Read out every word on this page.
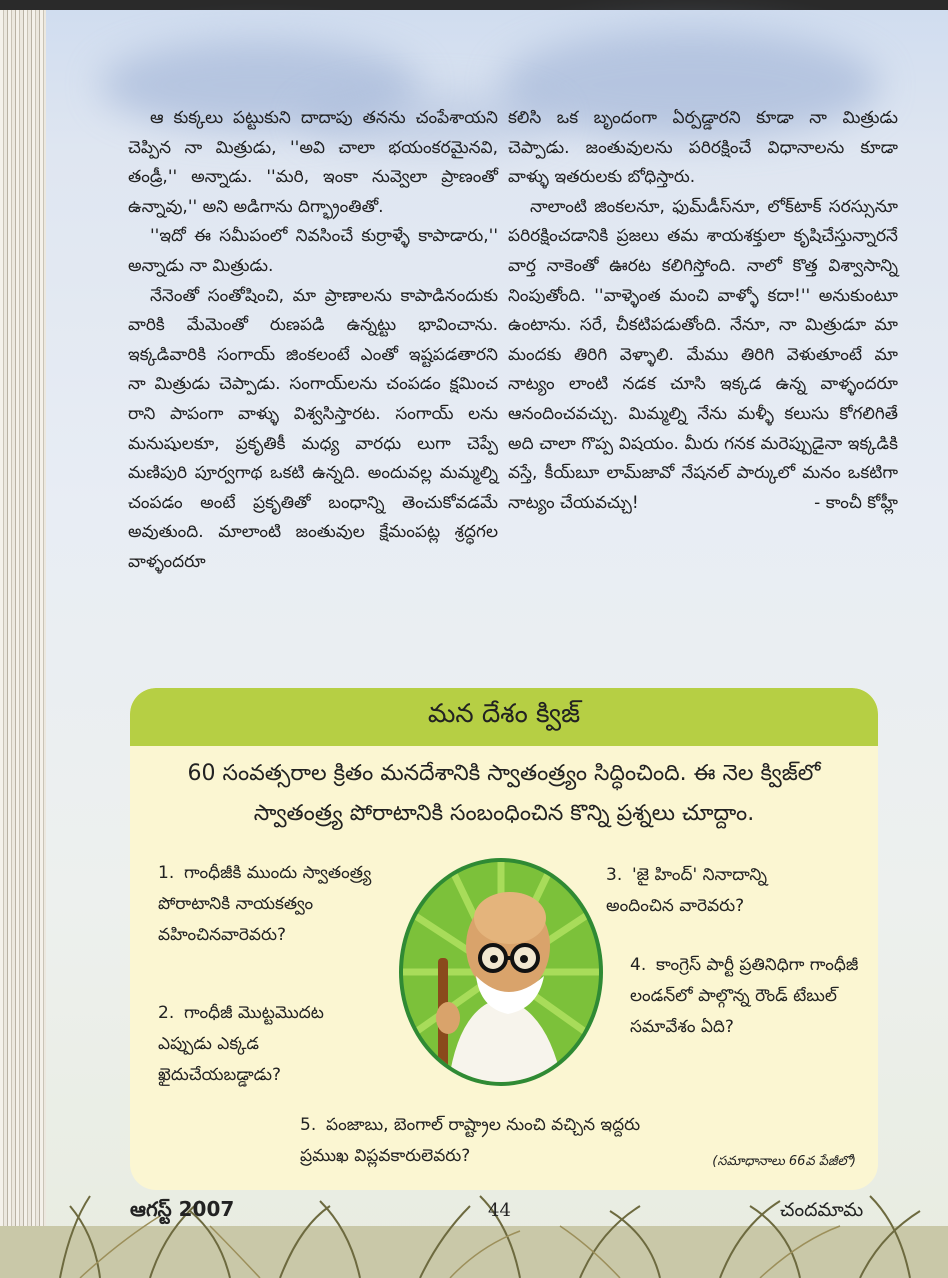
ఆ కుక్కలు పట్టుకుని దాదాపు తనను చంపేశాయని చెప్పిన నా మిత్రుడు, ''అవి చాలా భయంకరమైనవి, తండ్రీ,'' అన్నాడు. ''మరి, ఇంకా నువ్వెలా ప్రాణంతో ఉన్నావు,'' అని అడిగాను దిగ్భ్రాంతితో.

''ఇదో ఈ సమీపంలో నివసించే కుర్రాళ్ళే కాపాడారు,'' అన్నాడు నా మిత్రుడు.

నేనెంతో సంతోషించి, మా ప్రాణాలను కాపాడినందుకు వారికి మేమెంతో రుణపడి ఉన్నట్టు భావించాను. ఇక్కడివారికి సంగాయ్ జింకలంటే ఎంతో ఇష్టపడతారని నా మిత్రుడు చెప్పాడు. సంగాయ్‌లను చంపడం క్షమించ రాని పాపంగా వాళ్ళు విశ్వసిస్తారట. సంగాయ్ లను మనుషులకూ, ప్రకృతికీ మధ్య వారధు లుగా చెప్పే మణిపురి పూర్వగాథ ఒకటి ఉన్నది. అందువల్ల మమ్మల్ని చంపడం అంటే ప్రకృతితో బంధాన్ని తెంచుకోవడమే అవుతుంది. మాలాంటి జంతువుల క్షేమంపట్ల శ్రద్ధగల వాళ్ళందరూ

కలిసి ఒక బృందంగా ఏర్పడ్డారని కూడా నా మిత్రుడు చెప్పాడు. జంతువులను పరిరక్షించే విధానాలను కూడా వాళ్ళు ఇతరులకు బోధిస్తారు.

నాలాంటి జింకలనూ, ఫుమ్‌డీస్‌నూ, లోక్‌టాక్ సరస్సునూ పరిరక్షించడానికి ప్రజలు తమ శాయశక్తులా కృషిచేస్తున్నారనే వార్త నాకెంతో ఊరట కలిగిస్తోంది. నాలో కొత్త విశ్వాసాన్ని నింపుతోంది. ''వాళ్ళెంత మంచి వాళ్ళో కదా!'' అనుకుంటూ ఉంటాను. సరే, చీకటిపడుతోంది. నేనూ, నా మిత్రుడూ మా మందకు తిరిగి వెళ్ళాలి. మేము తిరిగి వెళుతూంటే మా నాట్యం లాంటి నడక చూసి ఇక్కడ ఉన్న వాళ్ళందరూ ఆనందించవచ్చు. మిమ్మల్ని నేను మళ్ళీ కలుసు కోగలిగితే అది చాలా గొప్ప విషయం. మీరు గనక మరెప్పుడైనా ఇక్కడికి వస్తే, కీయ్‌బూ లామ్‌జావో నేషనల్ పార్కులో మనం ఒకటిగా నాట్యం చేయవచ్చు!	- కాంచీ కోహ్లీ
మన దేశం క్విజ్
60 సంవత్సరాల క్రితం మనదేశానికి స్వాతంత్ర్యం సిద్ధించింది. ఈ నెల క్విజ్‌లో స్వాతంత్ర్య పోరాటానికి సంబంధించిన కొన్ని ప్రశ్నలు చూద్దాం.
1. గాంధీజీకి ముందు స్వాతంత్ర్య పోరాటానికి నాయకత్వం వహించినవారెవరు?
2. గాంధీజీ మొట్టమొదట ఎప్పుడు ఎక్కడ ఖైదుచేయబడ్డాడు?
3. 'జై హింద్' నినాదాన్ని అందించిన వారెవరు?
4. కాంగ్రెస్ పార్టీ ప్రతినిధిగా గాంధీజీ లండన్‌లో పాల్గొన్న రౌండ్ టేబుల్ సమావేశం ఏది?
5. పంజాబు, బెంగాల్ రాష్ట్రాల నుంచి వచ్చిన ఇద్దరు ప్రముఖ విప్లవకారులెవరు?	(సమాధానాలు 66వ పేజీలో)
ఆగస్ట్ 2007	44	చందమామ
